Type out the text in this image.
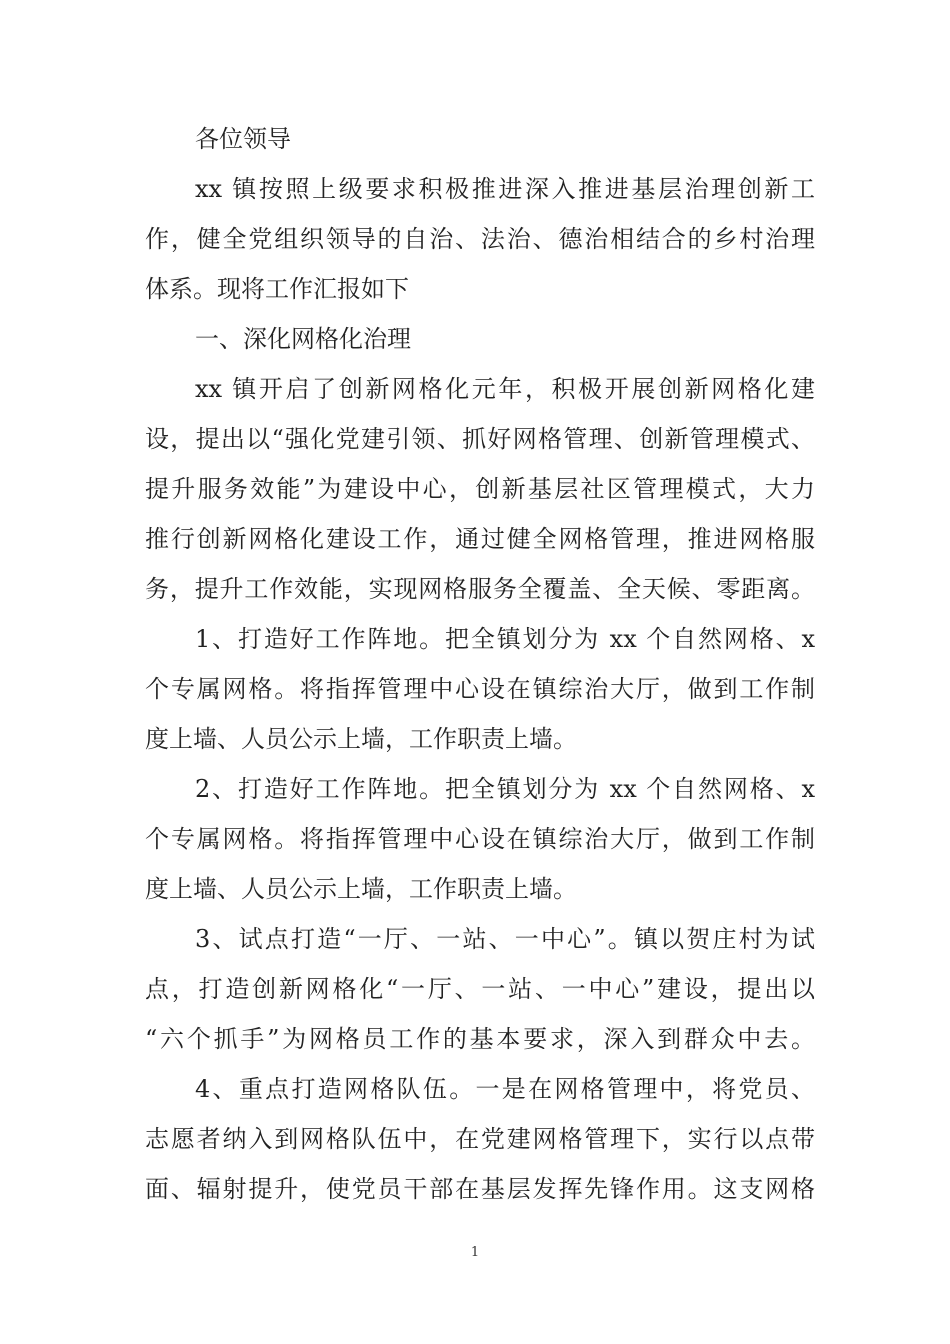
各位领导
xx 镇按照上级要求积极推进深入推进基层治理创新工
作，健全党组织领导的自治、法治、德治相结合的乡村治理
体系。现将工作汇报如下
一、深化网格化治理
xx 镇开启了创新网格化元年，积极开展创新网格化建
设，提出以“强化党建引领、抓好网格管理、创新管理模式、
提升服务效能”为建设中心，创新基层社区管理模式，大力
推行创新网格化建设工作，通过健全网格管理，推进网格服
务，提升工作效能，实现网格服务全覆盖、全天候、零距离。
1、打造好工作阵地。把全镇划分为 xx 个自然网格、x
个专属网格。将指挥管理中心设在镇综治大厅，做到工作制
度上墙、人员公示上墙，工作职责上墙。
2、打造好工作阵地。把全镇划分为 xx 个自然网格、x
个专属网格。将指挥管理中心设在镇综治大厅，做到工作制
度上墙、人员公示上墙，工作职责上墙。
3、试点打造“一厅、一站、一中心”。镇以贺庄村为试
点，打造创新网格化“一厅、一站、一中心”建设，提出以
“六个抓手”为网格员工作的基本要求，深入到群众中去。
4、重点打造网格队伍。一是在网格管理中，将党员、
志愿者纳入到网格队伍中，在党建网格管理下，实行以点带
面、辐射提升，使党员干部在基层发挥先锋作用。这支网格
1
